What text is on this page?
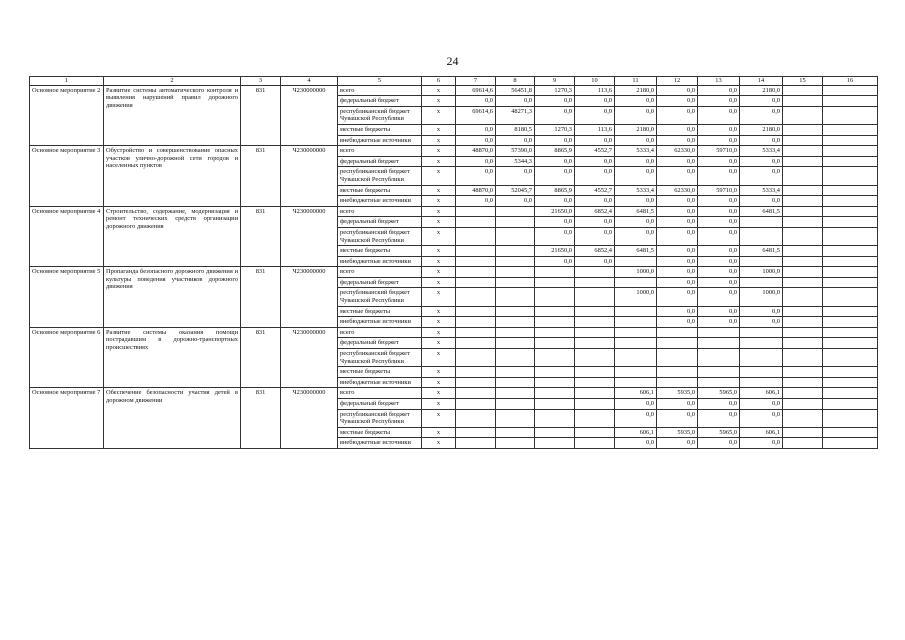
24
1	2	3	4	5	6	7	8	9	10	11	12	13	14	15	16
Основное мероприятие 2	Развитие системы автоматического контроля и выявления нарушений правил дорожного движения	831	Ч230000000	всего	x	69614,6	56451,8	1270,3	113,6	2180,0	0,0	0,0	2180,0		
				федеральный бюджет	x	0,0	0,0	0,0	0,0	0,0	0,0	0,0	0,0		
				республиканский бюджет Чувашской Республики	x	69614,6	48271,3	0,0	0,0	0,0	0,0	0,0	0,0		
				местные бюджеты	x	0,0	8180,5	1270,3	113,6	2180,0	0,0	0,0	2180,0		
				внебюджетные источники	x	0,0	0,0	0,0	0,0	0,0	0,0	0,0	0,0		
Основное мероприятие 3	Обустройство и совершенствование опасных участков улично-дорожной сети городов и населенных пунктов	831	Ч230000000	всего	x	48870,0	57390,0	8865,9	4552,7	5333,4	62330,0	59710,0	5333,4		
				федеральный бюджет	x	0,0	5344,3	0,0	0,0	0,0	0,0	0,0	0,0		
				республиканский бюджет Чувашской Республики	x	0,0	0,0	0,0	0,0	0,0	0,0	0,0	0,0		
				местные бюджеты	x	48870,0	52045,7	8865,9	4552,7	5333,4	62330,0	59710,0	5333,4		
				внебюджетные источники	x	0,0	0,0	0,0	0,0	0,0	0,0	0,0	0,0		
Основное мероприятие 4	Строительство, содержание, модернизация и ремонт технических средств организации дорожного движения	831	Ч230000000	всего	x			21650,0	6852,4	6481,5	0,0	0,0	6481,5		
				федеральный бюджет	x			0,0	0,0	0,0	0,0	0,0			
				республиканский бюджет Чувашской Республики	x			0,0	0,0	0,0	0,0	0,0			
				местные бюджеты	x			21650,0	6852,4	6481,5	0,0	0,0	6481,5		
				внебюджетные источники	x			0,0	0,0		0,0	0,0			
Основное мероприятие 5	Пропаганда безопасного дорожного движения и культуры поведения участников дорожного движения	831	Ч230000000	всего	x					1000,0	0,0	0,0	1000,0		
				федеральный бюджет	x						0,0	0,0			
				республиканский бюджет Чувашской Республики	x					1000,0	0,0	0,0	1000,0		
				местные бюджеты	x						0,0	0,0	0,0		
				внебюджетные источники	x						0,0	0,0	0,0		
Основное мероприятие 6	Развитие системы оказания помощи пострадавшим в дорожно-транспортных происшествиях	831	Ч230000000	всего	x										
				федеральный бюджет	x										
				республиканский бюджет Чувашской Республики	x										
				местные бюджеты	x										
				внебюджетные источники	x										
Основное мероприятие 7	Обеспечение безопасности участия детей в дорожном движении	831	Ч230000000	всего	x					606,1	5935,0	5965,0	606,1		
				федеральный бюджет	x					0,0	0,0	0,0	0,0		
				республиканский бюджет Чувашской Республики	x					0,0	0,0	0,0	0,0		
				местные бюджеты	x					606,1	5935,0	5965,0	606,1		
				внебюджетные источники	x					0,0	0,0	0,0	0,0		
